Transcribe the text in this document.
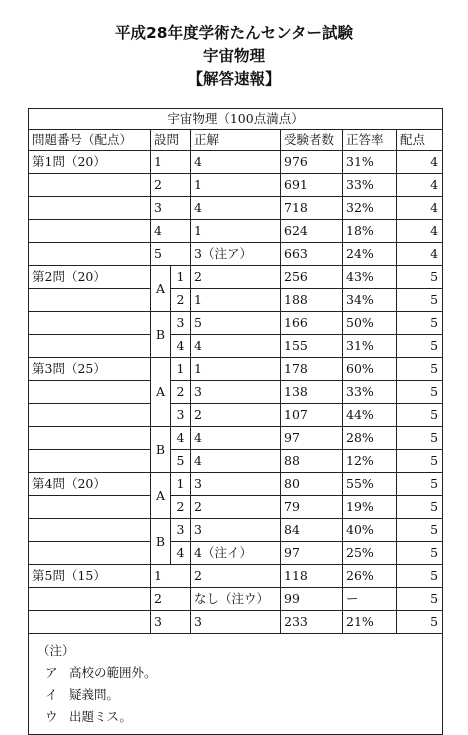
平成28年度学術たんセンター試験
宇宙物理
【解答速報】
宇宙物理（100点満点）						
問題番号（配点）	設問		正解	受験者数	正答率	配点
第1問（20）	1		4	976	31%	4
	2		1	691	33%	4
	3		4	718	32%	4
	4		1	624	18%	4
	5		3（注ア）	663	24%	4
第2問（20）	A	1	2	256	43%	5
		2	1	188	34%	5
	B	3	5	166	50%	5
		4	4	155	31%	5
第3問（25）	A	1	1	178	60%	5
		2	3	138	33%	5
		3	2	107	44%	5
	B	4	4	97	28%	5
		5	4	88	12%	5
第4問（20）	A	1	3	80	55%	5
		2	2	79	19%	5
	B	3	3	84	40%	5
		4	4（注イ）	97	25%	5
第5問（15）	1		2	118	26%	5
	2		なし（注ウ）	99	ー	5
	3		3	233	21%	5

（注）
ア 高校の範囲外。
イ 疑義問。
ウ 出題ミス。						
